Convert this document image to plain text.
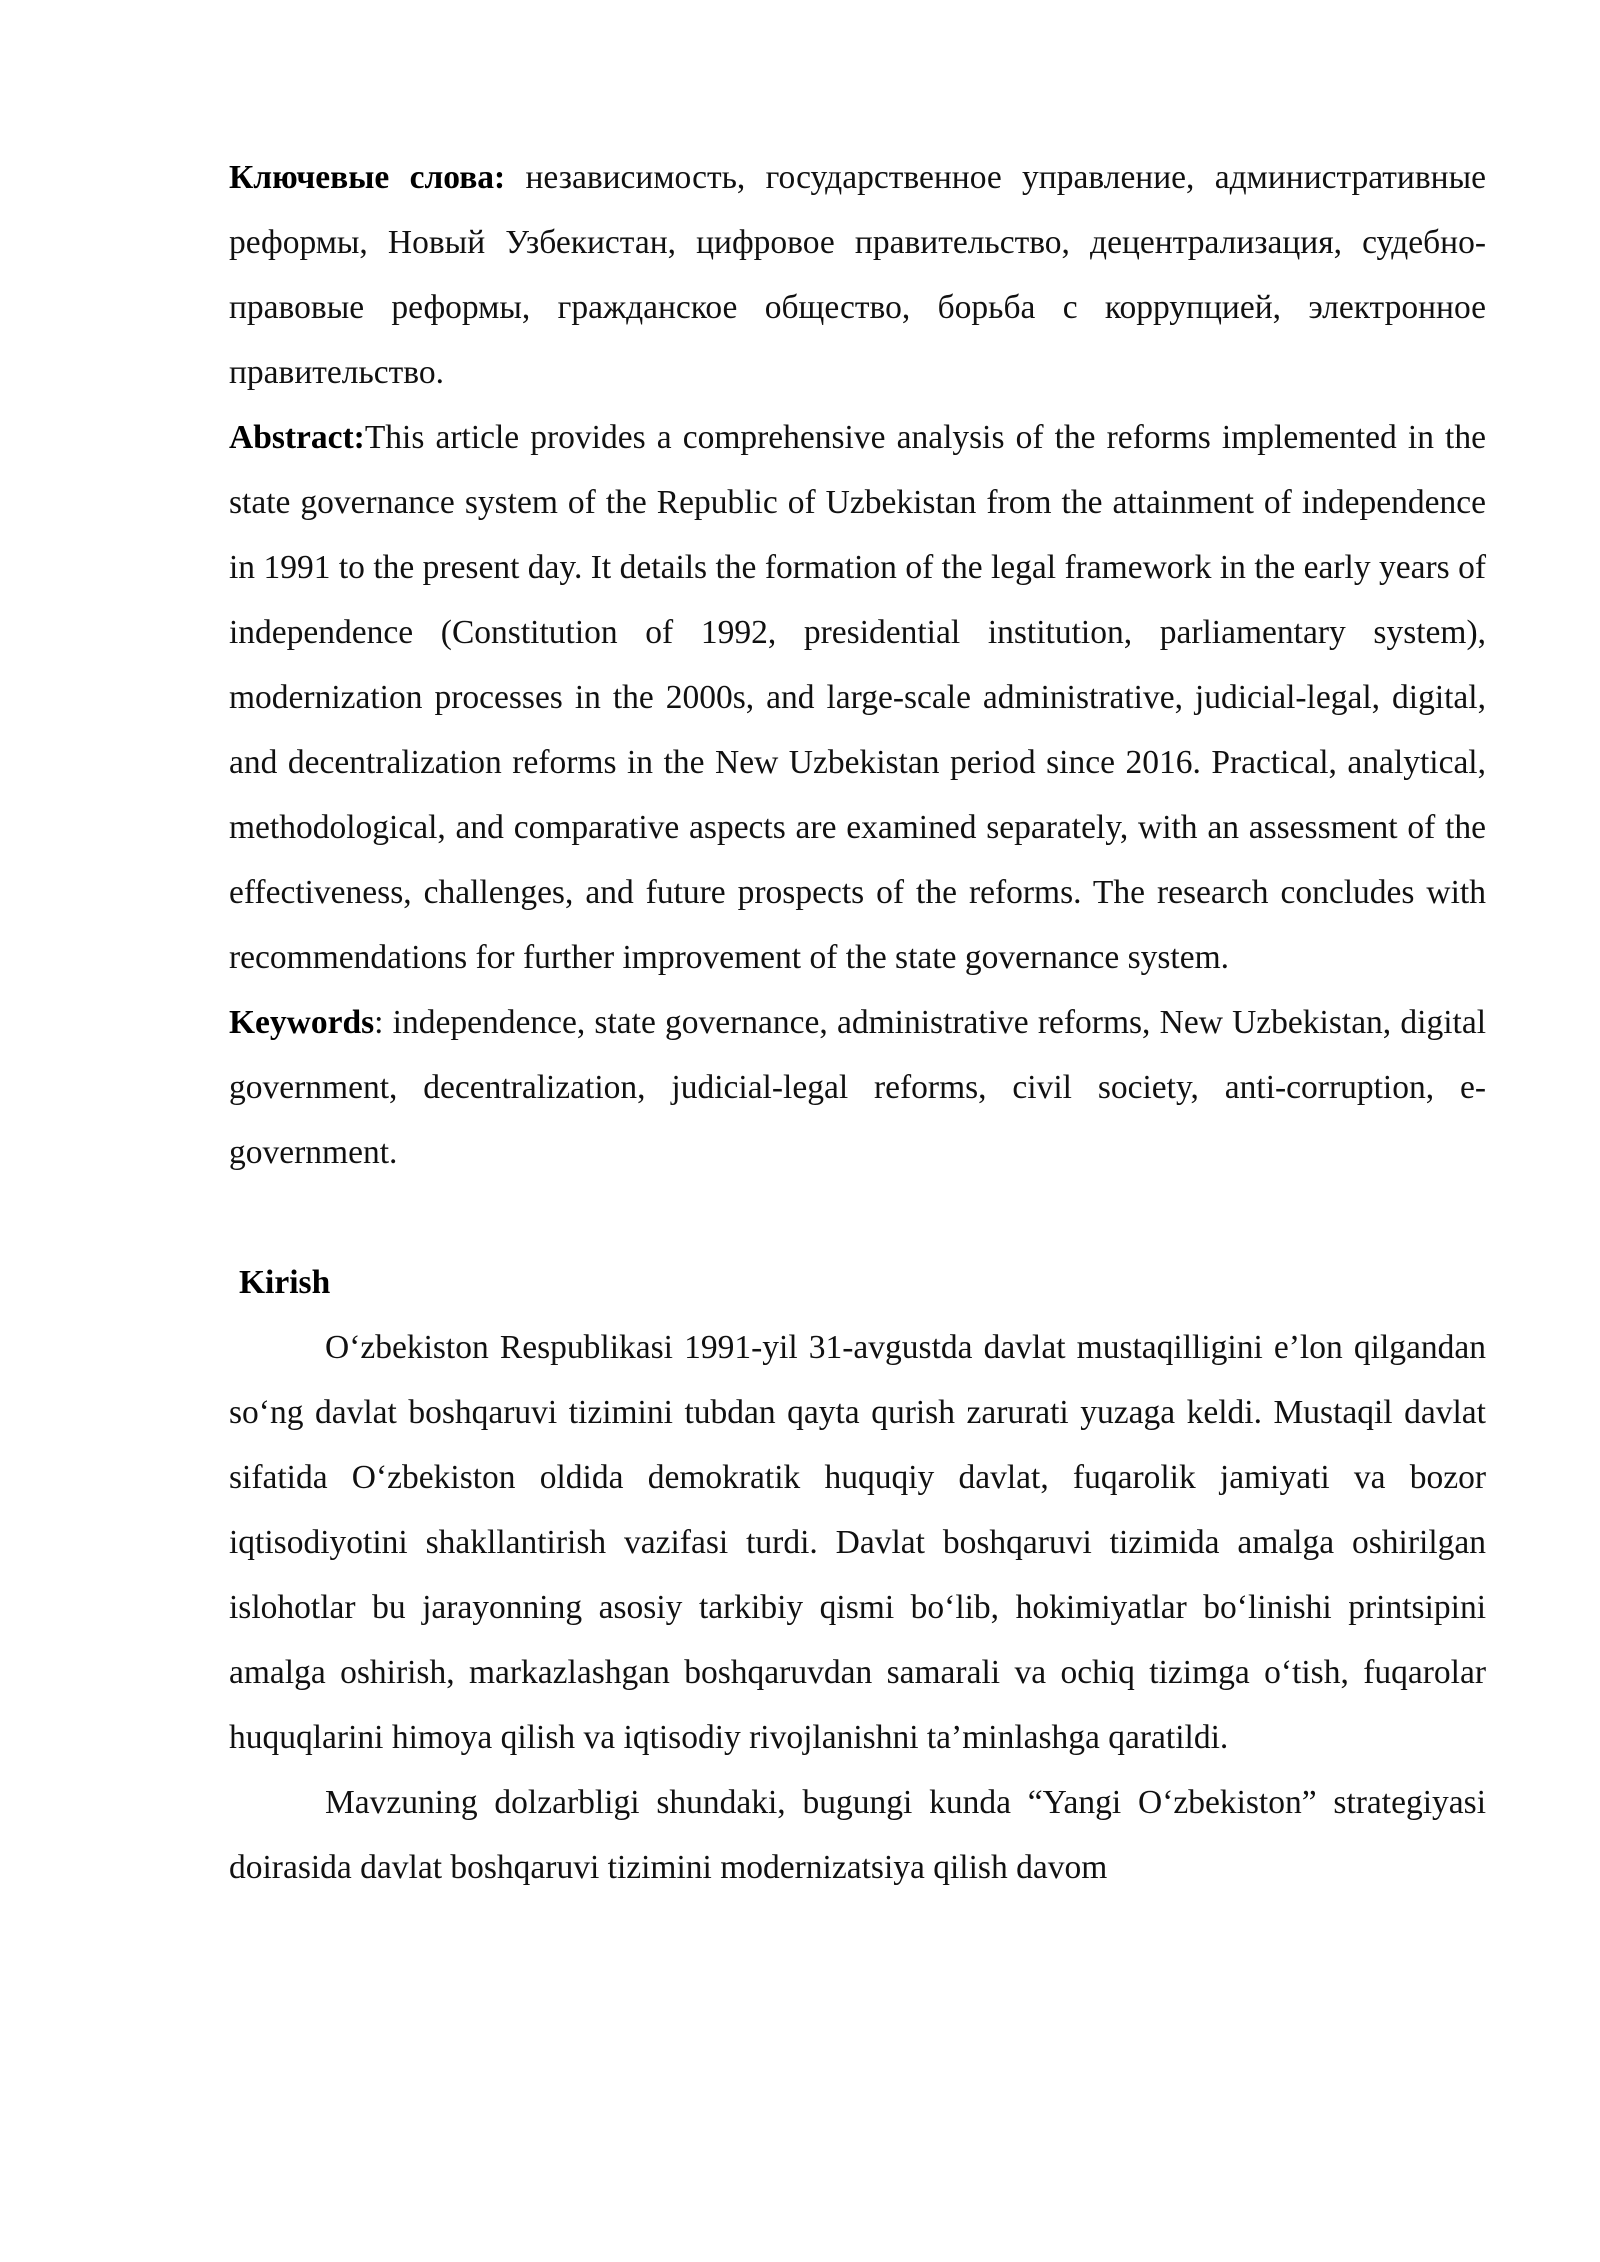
Ключевые слова: независимость, государственное управление, административные реформы, Новый Узбекистан, цифровое правительство, децентрализация, судебно-правовые реформы, гражданское общество, борьба с коррупцией, электронное правительство.

Abstract:This article provides a comprehensive analysis of the reforms implemented in the state governance system of the Republic of Uzbekistan from the attainment of independence in 1991 to the present day. It details the formation of the legal framework in the early years of independence (Constitution of 1992, presidential institution, parliamentary system), modernization processes in the 2000s, and large-scale administrative, judicial-legal, digital, and decentralization reforms in the New Uzbekistan period since 2016. Practical, analytical, methodological, and comparative aspects are examined separately, with an assessment of the effectiveness, challenges, and future prospects of the reforms. The research concludes with recommendations for further improvement of the state governance system.

Keywords: independence, state governance, administrative reforms, New Uzbekistan, digital government, decentralization, judicial-legal reforms, civil society, anti-corruption, e-government.

Kirish

O‘zbekiston Respublikasi 1991-yil 31-avgustda davlat mustaqilligini e’lon qilgandan so‘ng davlat boshqaruvi tizimini tubdan qayta qurish zarurati yuzaga keldi. Mustaqil davlat sifatida O‘zbekiston oldida demokratik huquqiy davlat, fuqarolik jamiyati va bozor iqtisodiyotini shakllantirish vazifasi turdi. Davlat boshqaruvi tizimida amalga oshirilgan islohotlar bu jarayonning asosiy tarkibiy qismi bo‘lib, hokimiyatlar bo‘linishi printsipini amalga oshirish, markazlashgan boshqaruvdan samarali va ochiq tizimga o‘tish, fuqarolar huquqlarini himoya qilish va iqtisodiy rivojlanishni ta’minlashga qaratildi.

Mavzuning dolzarbligi shundaki, bugungi kunda “Yangi O‘zbekiston” strategiyasi doirasida davlat boshqaruvi tizimini modernizatsiya qilish davom
